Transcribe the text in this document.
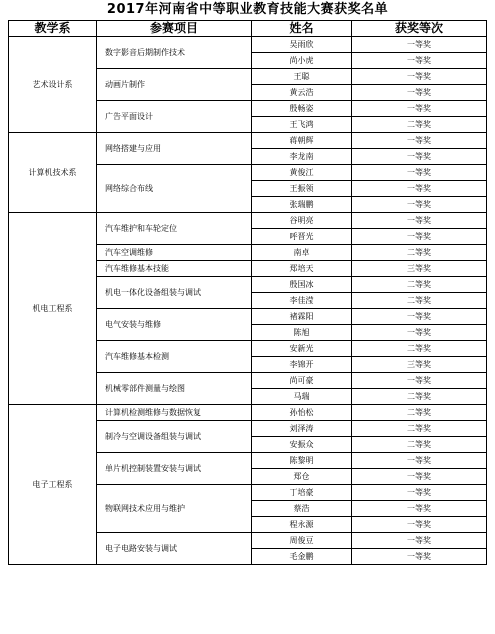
2017年河南省中等职业教育技能大赛获奖名单
教学系	参赛项目	姓名	获奖等次
艺术设计系	数字影音后期制作技术	吴雨欣	一等奖
		尚小虎	一等奖
	动画片制作	王聪	一等奖
		黄云浩	一等奖
	广告平面设计	殷畅姿	一等奖
		王飞鸿	二等奖
计算机技术系	网络搭建与应用	蒋朝辉	一等奖
		李龙南	一等奖
	网络综合布线	黄俊江	一等奖
		王振领	一等奖
		张瑞鹏	一等奖
机电工程系	汽车维护和车轮定位	谷明亮	一等奖
		呼晋光	一等奖
	汽车空调维修	南卓	二等奖
	汽车维修基本技能	郑培天	三等奖
	机电一体化设备组装与调试	殷国冰	二等奖
		李佳滢	二等奖
	电气安装与维修	褚霖阳	一等奖
		陈旭	一等奖
	汽车维修基本检测	安新光	二等奖
		李锦开	三等奖
	机械零部件测量与绘图	尚可豪	一等奖
		马瑞	二等奖
电子工程系	计算机检测维修与数据恢复	孙怡松	二等奖
	制冷与空调设备组装与调试	刘泽涛	二等奖
		安振众	二等奖
	单片机控制装置安装与调试	陈黎明	一等奖
		郑仓	一等奖
	物联网技术应用与维护	丁培豪	一等奖
		蔡浩	一等奖
		程永源	一等奖
	电子电路安装与调试	周俊豆	一等奖
		毛金鹏	一等奖
